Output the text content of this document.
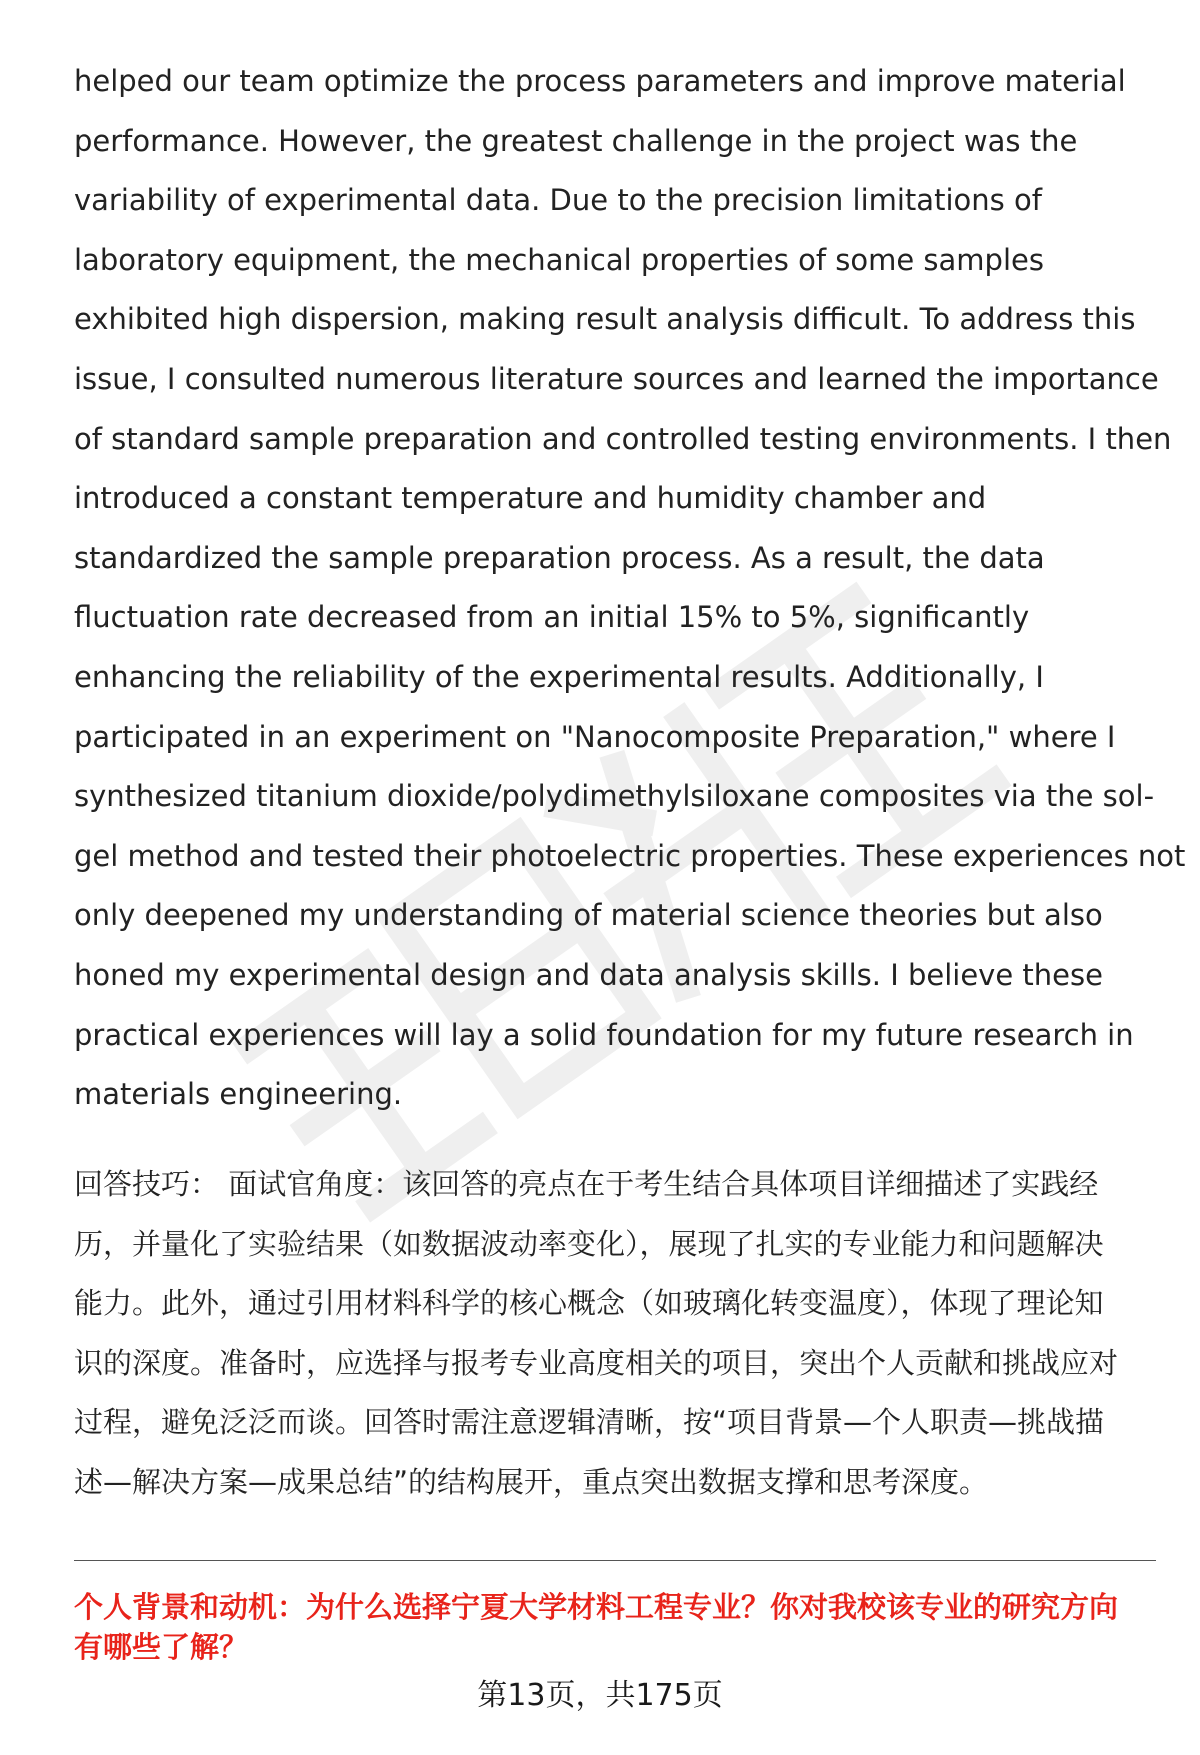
helped our team optimize the process parameters and improve material
performance. However, the greatest challenge in the project was the
variability of experimental data. Due to the precision limitations of
laboratory equipment, the mechanical properties of some samples
exhibited high dispersion, making result analysis difficult. To address this
issue, I consulted numerous literature sources and learned the importance
of standard sample preparation and controlled testing environments. I then
introduced a constant temperature and humidity chamber and
standardized the sample preparation process. As a result, the data
fluctuation rate decreased from an initial 15% to 5%, significantly
enhancing the reliability of the experimental results. Additionally, I
participated in an experiment on "Nanocomposite Preparation," where I
synthesized titanium dioxide/polydimethylsiloxane composites via the sol-
gel method and tested their photoelectric properties. These experiences not
only deepened my understanding of material science theories but also
honed my experimental design and data analysis skills. I believe these
practical experiences will lay a solid foundation for my future research in
materials engineering.
回答技巧： 面试官角度：该回答的亮点在于考生结合具体项目详细描述了实践经
历，并量化了实验结果（如数据波动率变化），展现了扎实的专业能力和问题解决
能力。此外，通过引用材料科学的核心概念（如玻璃化转变温度），体现了理论知
识的深度。准备时，应选择与报考专业高度相关的项目，突出个人贡献和挑战应对
过程，避免泛泛而谈。回答时需注意逻辑清晰，按“项目背景—个人职责—挑战描
述—解决方案—成果总结”的结构展开，重点突出数据支撑和思考深度。
个人背景和动机：为什么选择宁夏大学材料工程专业？你对我校该专业的研究方向
有哪些了解？
第13页，共175页
